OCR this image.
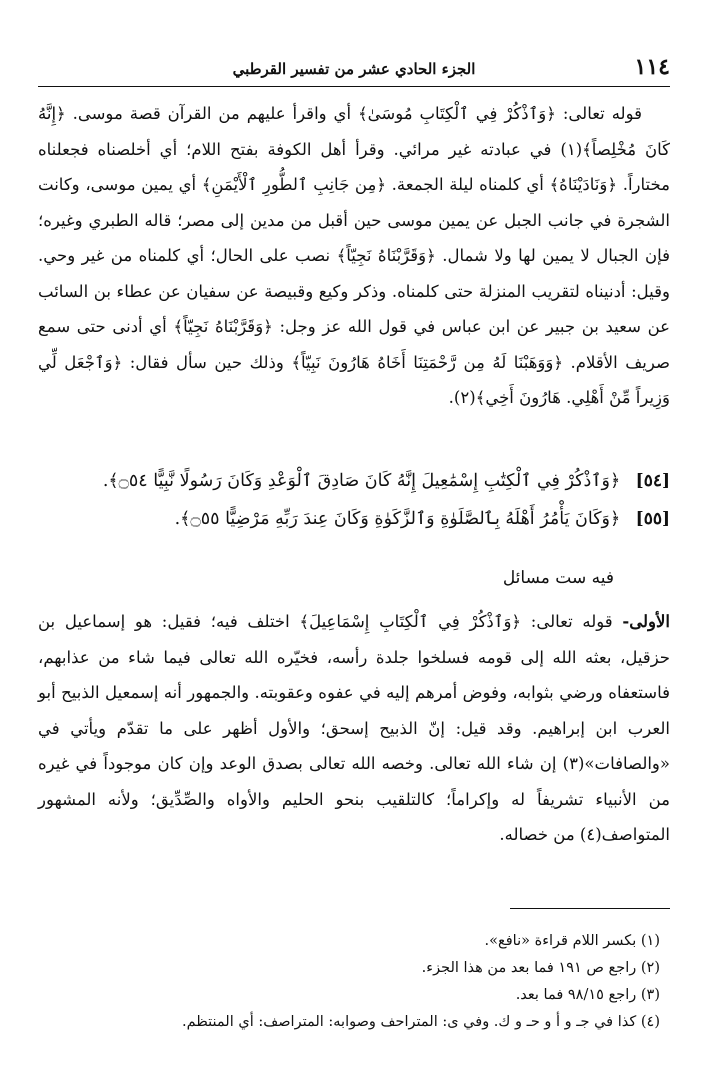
١١٤
الجزء الحادي عشر من تفسير القرطبي

قوله تعالى: ﴿وَٱذْكُرْ فِي ٱلْكِتَابِ مُوسَىٰ﴾ أي واقرأ عليهم من القرآن قصة موسى. ﴿إِنَّهُ كَانَ مُخْلِصاً﴾(١) في عبادته غير مرائي. وقرأ أهل الكوفة بفتح اللام؛ أي أخلصناه فجعلناه مختاراً. ﴿وَنَادَيْنَاهُ﴾ أي كلمناه ليلة الجمعة. ﴿مِن جَانِبِ ٱلطُّورِ ٱلْأَيْمَنِ﴾ أي يمين موسى، وكانت الشجرة في جانب الجبل عن يمين موسى حين أقبل من مدين إلى مصر؛ قاله الطبري وغيره؛ فإن الجبال لا يمين لها ولا شمال. ﴿وَقَرَّبْنَاهُ نَجِيّاً﴾ نصب على الحال؛ أي كلمناه من غير وحي. وقيل: أدنيناه لتقريب المنزلة حتى كلمناه. وذكر وكيع وقبيصة عن سفيان عن عطاء بن السائب عن سعيد بن جبير عن ابن عباس في قول الله عز وجل: ﴿وَقَرَّبْنَاهُ نَجِيّاً﴾ أي أدنى حتى سمع صريف الأقلام. ﴿وَوَهَبْنَا لَهُ مِن رَّحْمَتِنَا أَخَاهُ هَارُونَ نَبِيّاً﴾ وذلك حين سأل فقال: ﴿وَٱجْعَل لِّي وَزِيراً مِّنْ أَهْلِي. هَارُونَ أَخِي﴾(٢).

[٥٤] ﴿وَٱذْكُرْ فِي ٱلْكِتَٰبِ إِسْمَٰعِيلَ إِنَّهُ كَانَ صَادِقَ ٱلْوَعْدِ وَكَانَ رَسُولًا نَّبِيًّا ۝٥٤﴾.
[٥٥] ﴿وَكَانَ يَأْمُرُ أَهْلَهُ بِٱلصَّلَوٰةِ وَٱلزَّكَوٰةِ وَكَانَ عِندَ رَبِّهِ مَرْضِيًّا ۝٥٥﴾.
فيه ست مسائل

الأولى- قوله تعالى: ﴿وَٱذْكُرْ فِي ٱلْكِتَابِ إِسْمَاعِيلَ﴾ اختلف فيه؛ فقيل: هو إسماعيل بن حزقيل، بعثه الله إلى قومه فسلخوا جلدة رأسه، فخيّره الله تعالى فيما شاء من عذابهم، فاستعفاه ورضي بثوابه، وفوض أمرهم إليه في عفوه وعقوبته. والجمهور أنه إسمعيل الذبيح أبو العرب ابن إبراهيم. وقد قيل: إنّ الذبيح إسحق؛ والأول أظهر على ما تقدّم ويأتي في «والصافات»(٣) إن شاء الله تعالى. وخصه الله تعالى بصدق الوعد وإن كان موجوداً في غيره من الأنبياء تشريفاً له وإكراماً؛ كالتلقيب بنحو الحليم والأواه والصِّدِّيق؛ ولأنه المشهور المتواصف(٤) من خصاله.

(١) بكسر اللام قراءة «نافع».
(٢) راجع ص ١٩١ فما بعد من هذا الجزء.
(٣) راجع ٩٨/١٥ فما بعد.
(٤) كذا في جـ و أ و حـ و ك. وفي ى: المتراحف وصوابه: المتراصف: أي المنتظم.
